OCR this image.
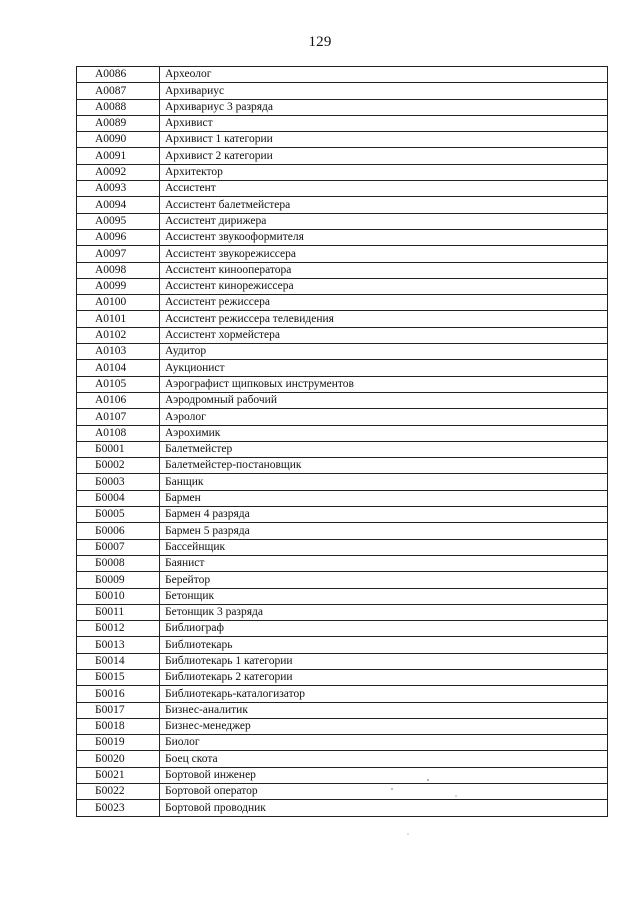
129
А0086	Археолог
А0087	Архивариус
А0088	Архивариус 3 разряда
А0089	Архивист
А0090	Архивист 1 категории
А0091	Архивист 2 категории
А0092	Архитектор
А0093	Ассистент
А0094	Ассистент балетмейстера
А0095	Ассистент дирижера
А0096	Ассистент звукооформителя
А0097	Ассистент звукорежиссера
А0098	Ассистент кинооператора
А0099	Ассистент кинорежиссера
А0100	Ассистент режиссера
А0101	Ассистент режиссера телевидения
А0102	Ассистент хормейстера
А0103	Аудитор
А0104	Аукционист
А0105	Аэрографист щипковых инструментов
А0106	Аэродромный рабочий
А0107	Аэролог
А0108	Аэрохимик
Б0001	Балетмейстер
Б0002	Балетмейстер-постановщик
Б0003	Банщик
Б0004	Бармен
Б0005	Бармен 4 разряда
Б0006	Бармен 5 разряда
Б0007	Бассейнщик
Б0008	Баянист
Б0009	Берейтор
Б0010	Бетонщик
Б0011	Бетонщик 3 разряда
Б0012	Библиограф
Б0013	Библиотекарь
Б0014	Библиотекарь 1 категории
Б0015	Библиотекарь 2 категории
Б0016	Библиотекарь-каталогизатор
Б0017	Бизнес-аналитик
Б0018	Бизнес-менеджер
Б0019	Биолог
Б0020	Боец скота
Б0021	Бортовой инженер
Б0022	Бортовой оператор
Б0023	Бортовой проводник
